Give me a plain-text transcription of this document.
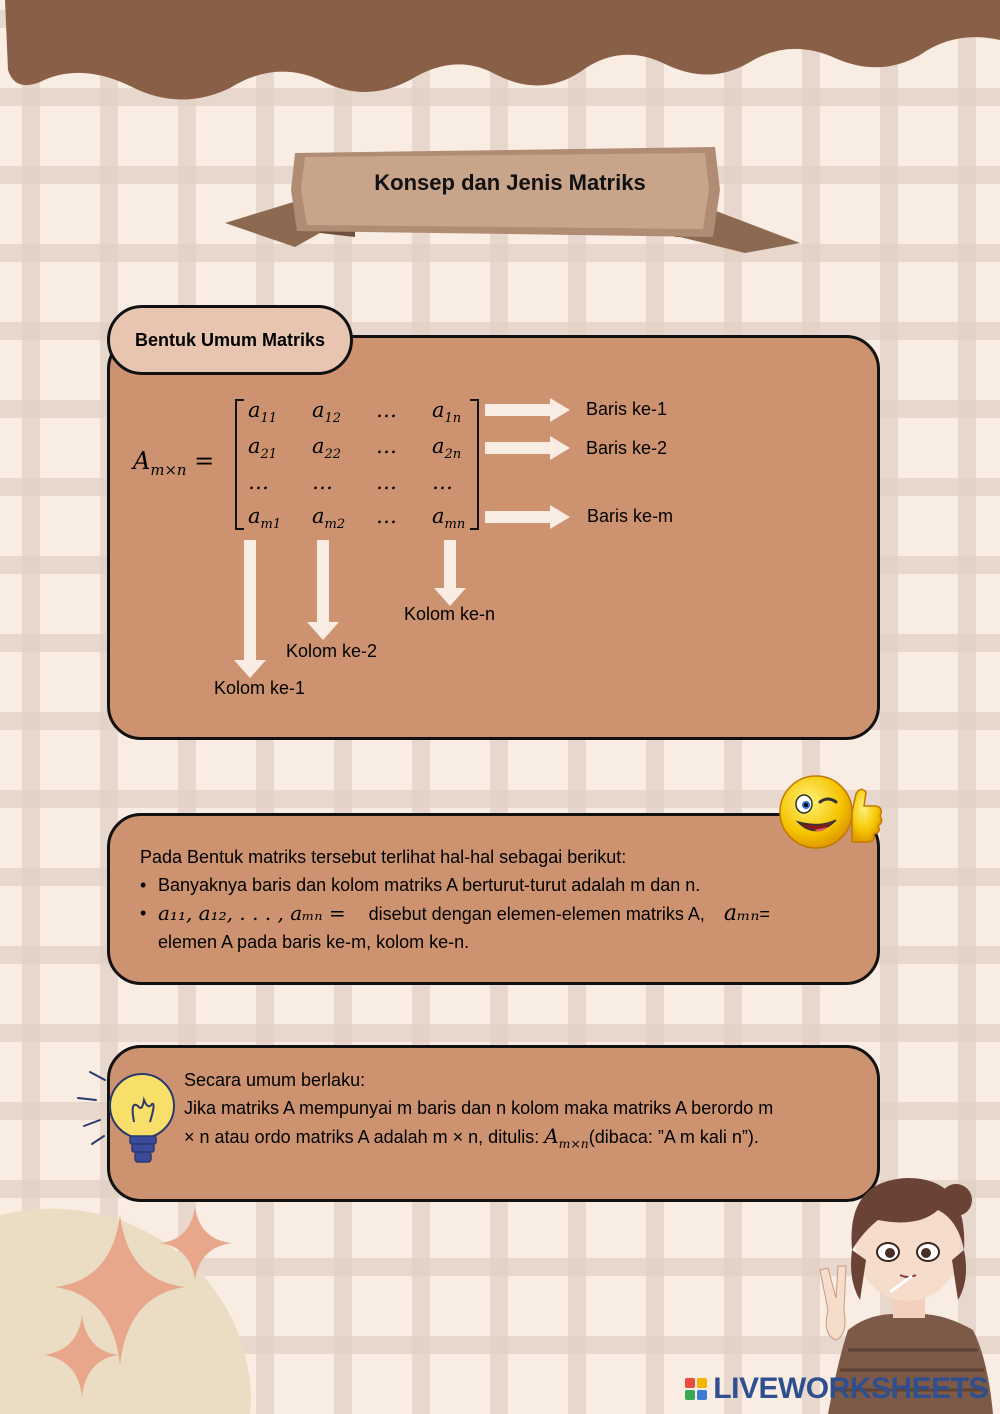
Konsep dan Jenis Matriks
Bentuk Umum Matriks
$A_{m\times n}$ =
$a_{11}$ $a_{12}$ … $a_{1n}$
$a_{21}$ $a_{22}$ … $a_{2n}$
… … … …
$a_{m1}$ $a_{m2}$ … $a_{mn}$
Baris ke-1
Baris ke-2
Baris ke-m
Kolom ke-n
Kolom ke-2
Kolom ke-1
Pada Bentuk matriks tersebut terlihat hal-hal sebagai berikut:
• Banyaknya baris dan kolom matriks A berturut-turut adalah m dan n.
• a₁₁, a₁₂, . . . , aₘₙ = disebut dengan elemen-elemen matriks A, aₘₙ=
elemen A pada baris ke-m, kolom ke-n.
Secara umum berlaku:
Jika matriks A mempunyai m baris dan n kolom maka matriks A berordo m
× n atau ordo matriks A adalah m × n, ditulis: $A_{m\times n}(dibaca$: ”A m kali n”).
LIVEWORKSHEETS
